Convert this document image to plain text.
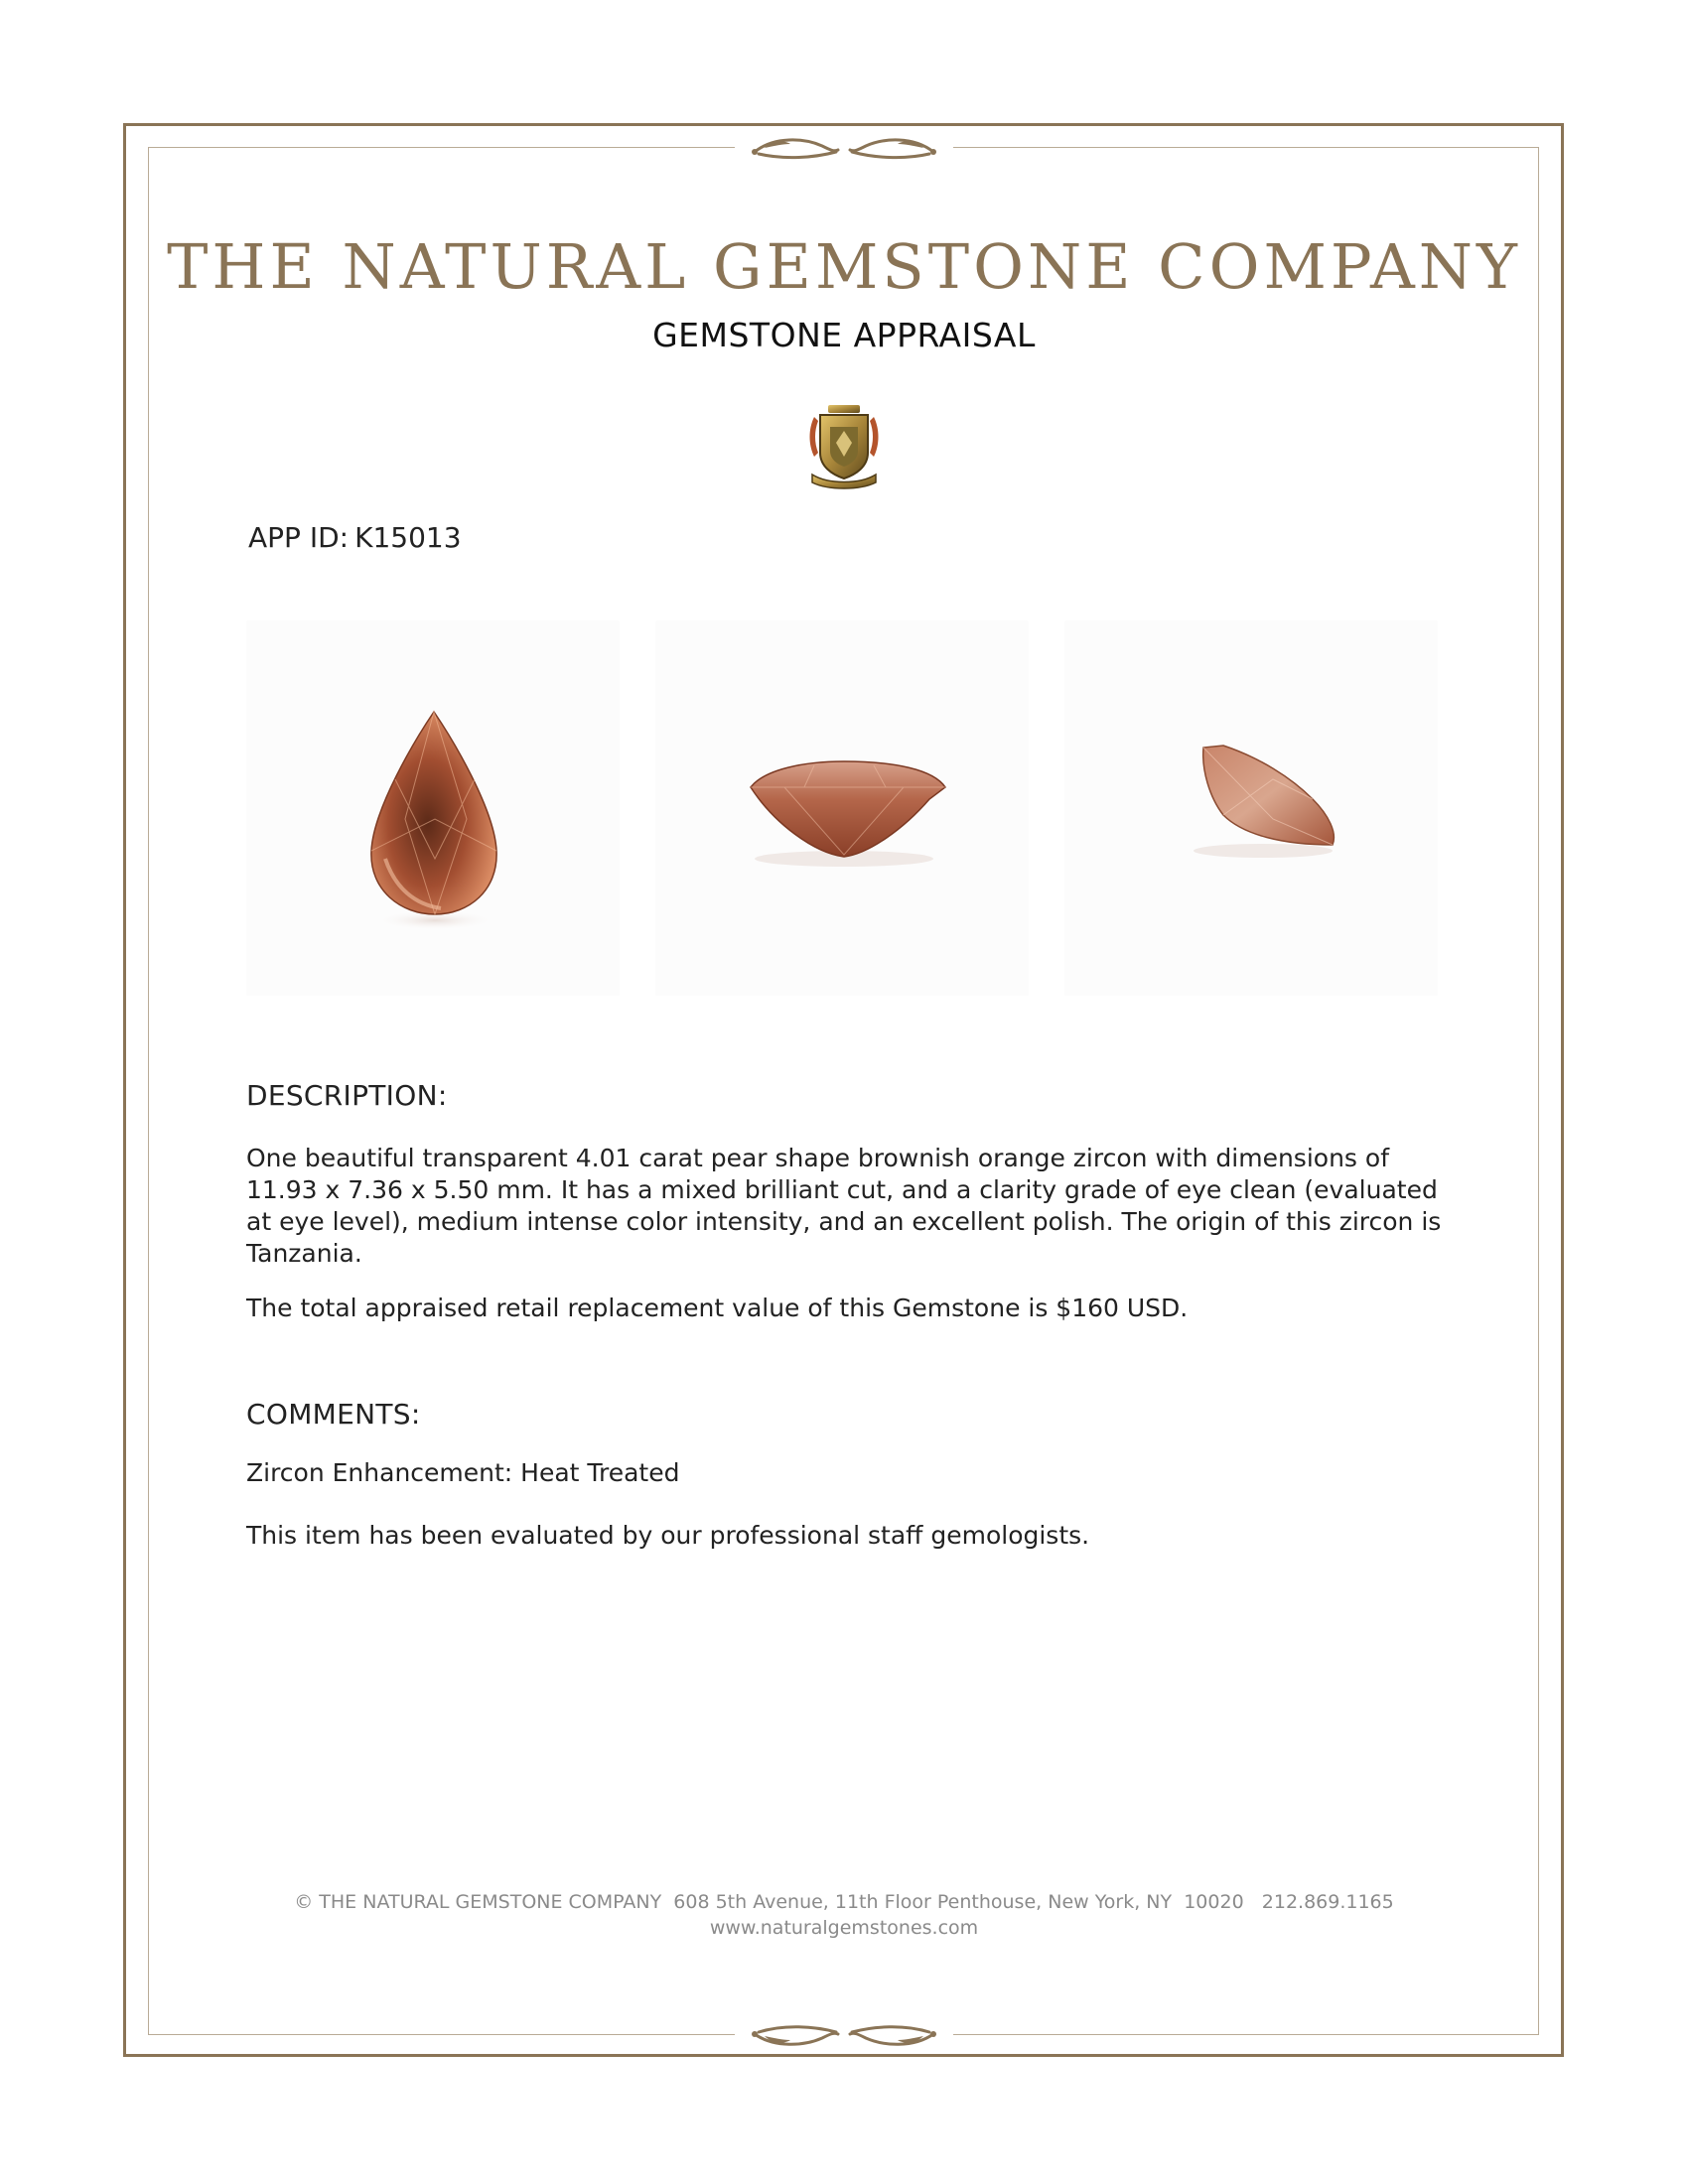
THE NATURAL GEMSTONE COMPANY
GEMSTONE APPRAISAL
APP ID: K15013
DESCRIPTION:
One beautiful transparent 4.01 carat pear shape brownish orange zircon with dimensions of 11.93 x 7.36 x 5.50 mm. It has a mixed brilliant cut, and a clarity grade of eye clean (evaluated at eye level), medium intense color intensity, and an excellent polish. The origin of this zircon is Tanzania.
The total appraised retail replacement value of this Gemstone is $160 USD.
COMMENTS:
Zircon Enhancement: Heat Treated
This item has been evaluated by our professional staff gemologists.
© THE NATURAL GEMSTONE COMPANY  608 5th Avenue, 11th Floor Penthouse, New York, NY  10020   212.869.1165
www.naturalgemstones.com
